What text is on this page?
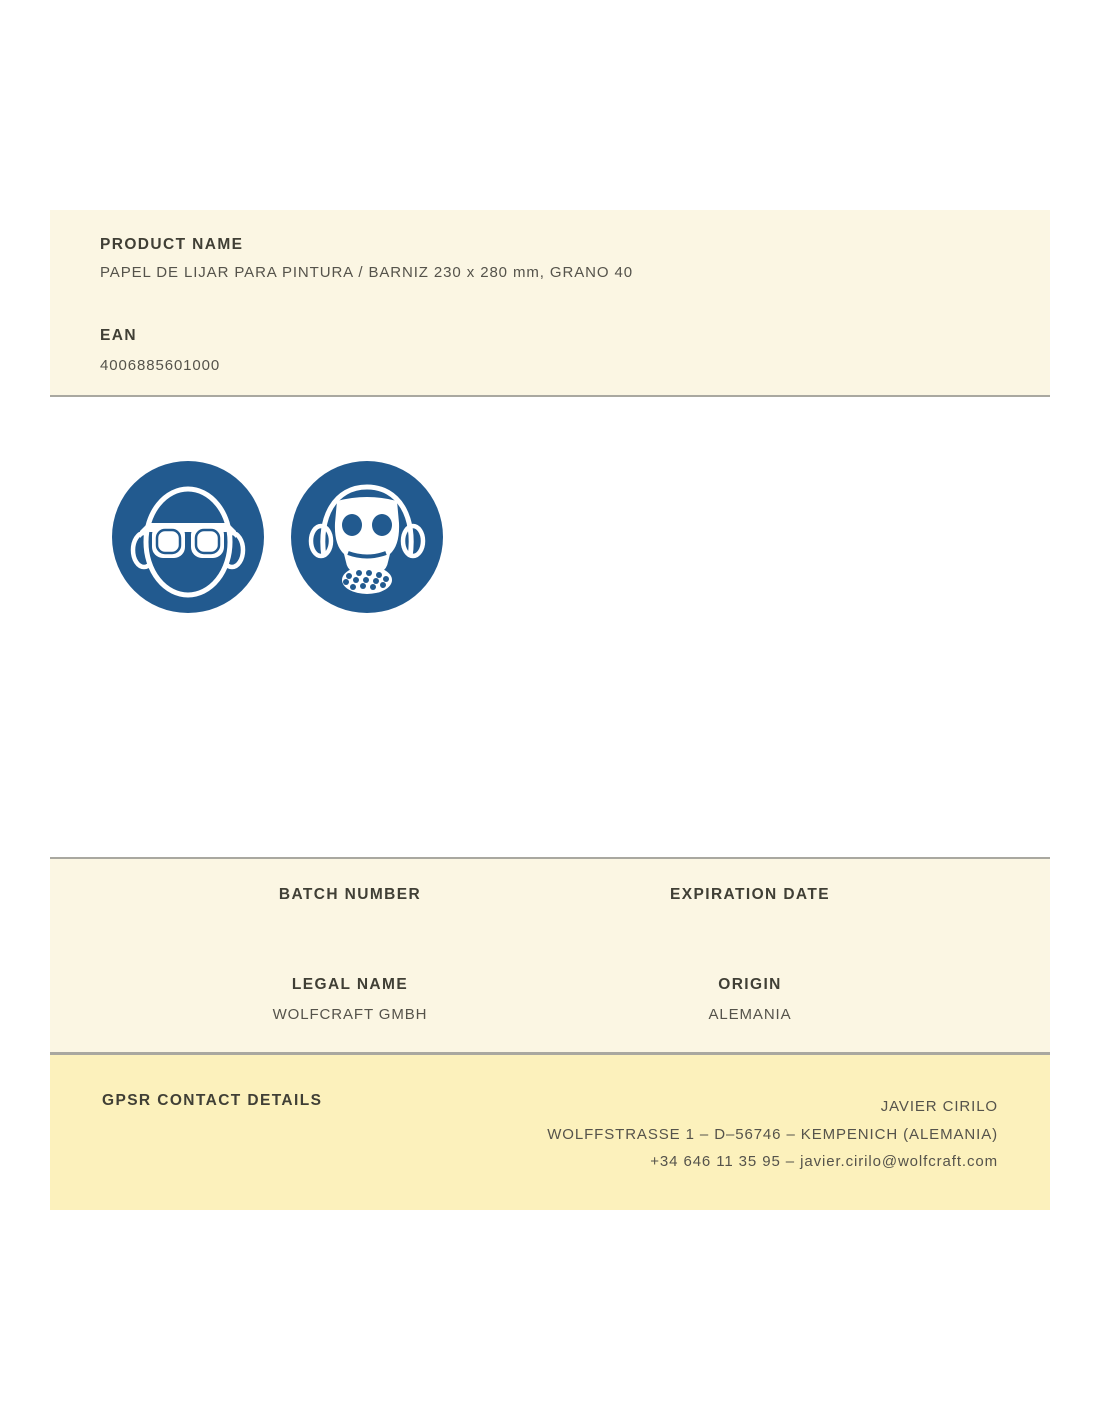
PRODUCT NAME
PAPEL DE LIJAR PARA PINTURA / BARNIZ 230 x 280 mm, GRANO 40
EAN
4006885601000
BATCH NUMBER	EXPIRATION DATE
LEGAL NAME
WOLFCRAFT GMBH
ORIGIN
ALEMANIA
GPSR CONTACT DETAILS	JAVIER CIRILO
WOLFFSTRASSE 1 – D–56746 – KEMPENICH (ALEMANIA)
+34 646 11 35 95 – javier.cirilo@wolfcraft.com
